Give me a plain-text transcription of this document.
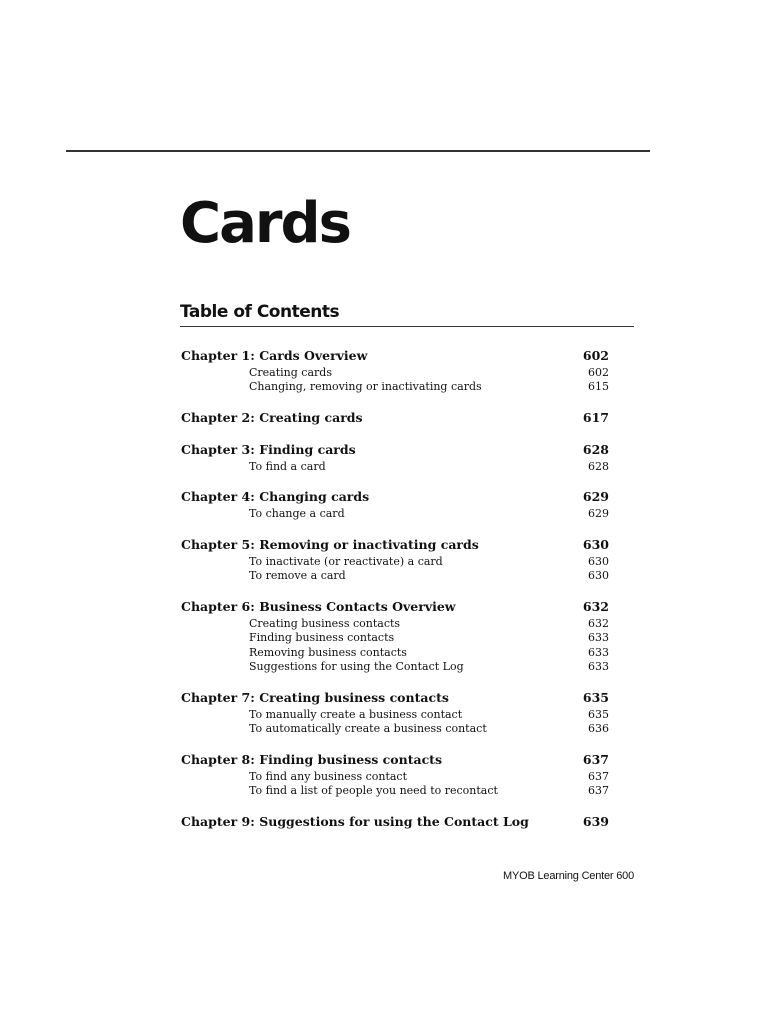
Cards
Table of Contents
Chapter 1: Cards Overview	602
Creating cards	602
Changing, removing or inactivating cards	615
Chapter 2: Creating cards	617
Chapter 3: Finding cards	628
To find a card	628
Chapter 4: Changing cards	629
To change a card	629
Chapter 5: Removing or inactivating cards	630
To inactivate (or reactivate) a card	630
To remove a card	630
Chapter 6: Business Contacts Overview	632
Creating business contacts	632
Finding business contacts	633
Removing business contacts	633
Suggestions for using the Contact Log	633
Chapter 7: Creating business contacts	635
To manually create a business contact	635
To automatically create a business contact	636
Chapter 8: Finding business contacts	637
To find any business contact	637
To find a list of people you need to recontact	637
Chapter 9: Suggestions for using the Contact Log	639
MYOB Learning Center 600
